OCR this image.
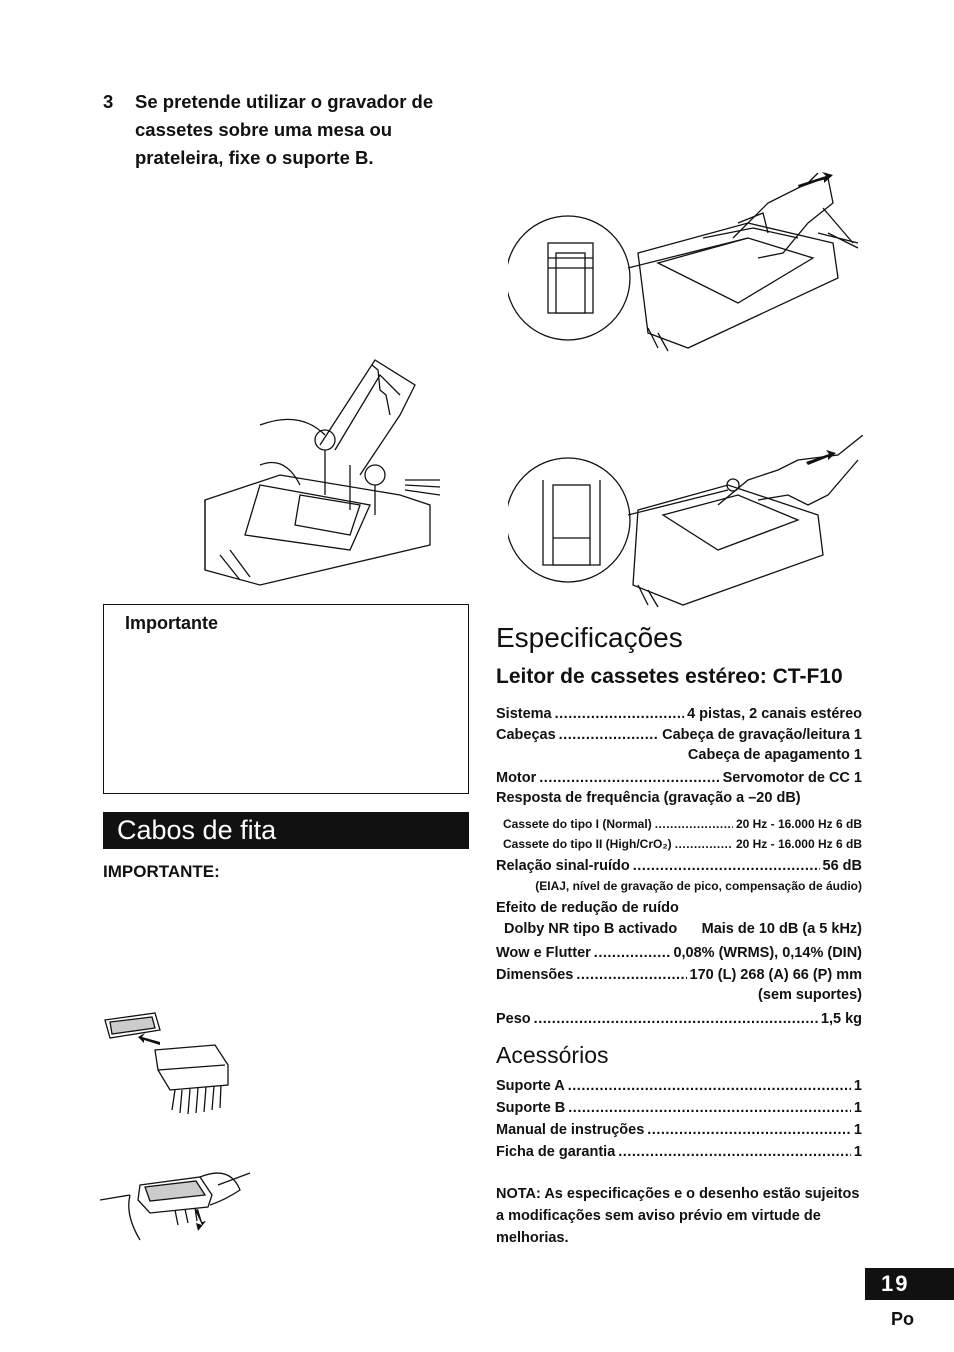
3 Se pretende utilizar o gravador de cassetes sobre uma mesa ou prateleira, fixe o suporte B.
Importante
Cabos de fita
IMPORTANTE:
Especificações
Leitor de cassetes estéreo: CT-F10
Sistema .....	4 pistas, 2 canais estéreo
Cabeças .....	Cabeça de gravação/leitura 1
Cabeça de apagamento 1
Motor .....	Servomotor de CC 1
Resposta de frequência (gravação a –20 dB)
Cassete do tipo I (Normal) .....	20 Hz - 16.000 Hz 6 dB
Cassete do tipo II (High/CrO₂) .....	20 Hz - 16.000 Hz 6 dB
Relação sinal-ruído .....	56 dB
(EIAJ, nível de gravação de pico, compensação de áudio)
Efeito de redução de ruído
Dolby NR tipo B activado Mais de 10 dB (a 5 kHz)
Wow e Flutter .....	0,08% (WRMS), 0,14% (DIN)
Dimensões .....	170 (L) 268 (A) 66 (P) mm
(sem suportes)
Peso .....	1,5 kg
Acessórios
Suporte A .....	1
Suporte B .....	1
Manual de instruções .....	1
Ficha de garantia .....	1
NOTA: As especificações e o desenho estão sujeitos a modificações sem aviso prévio em virtude de melhorias.
19
Po
